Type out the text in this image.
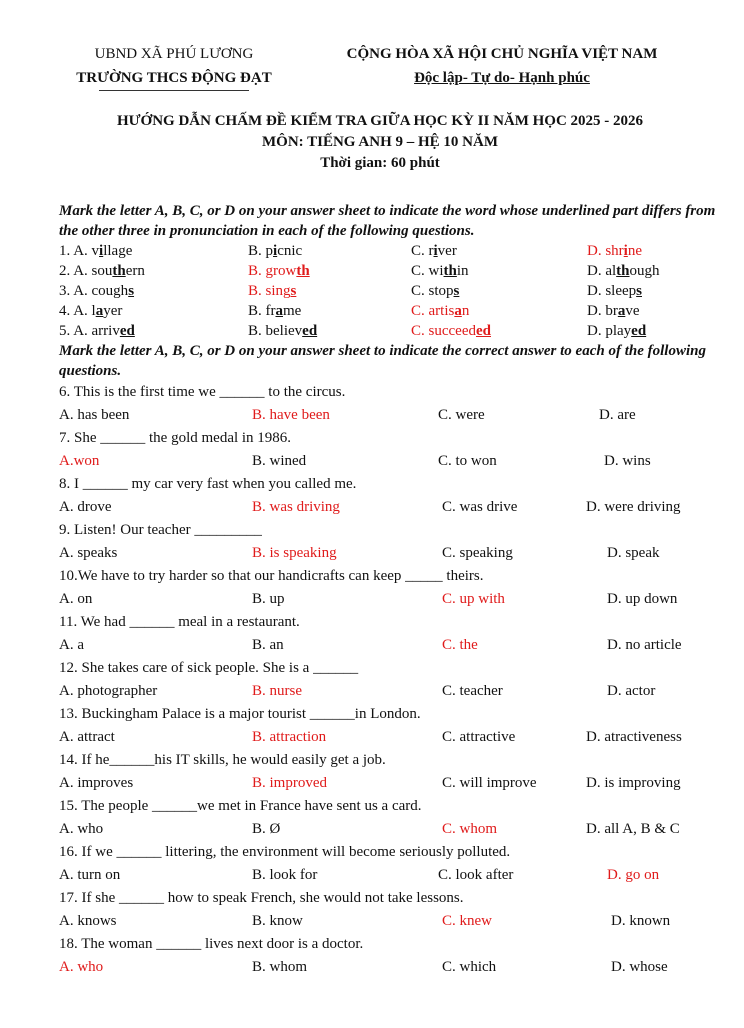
UBND XÃ PHÚ LƯƠNG
TRƯỜNG THCS ĐỘNG ĐẠT
CỘNG HÒA XÃ HỘI CHỦ NGHĨA VIỆT NAM
Độc lập- Tự do- Hạnh phúc
HƯỚNG DẪN CHẤM ĐỀ KIỂM TRA GIỮA HỌC KỲ II NĂM HỌC 2025 - 2026
MÔN: TIẾNG ANH 9 – HỆ 10 NĂM
Thời gian: 60 phút
Mark the letter A, B, C, or D on your answer sheet to indicate the word whose underlined part differs from the other three in pronunciation in each of the following questions.
1. A. village	B. picnic	C. river	D. shrine
2. A. southern	B. growth	C. within	D. although
3. A. coughs	B. sings	C. stops	D. sleeps
4. A. layer	B. frame	C. artisan	D. brave
5. A. arrived	B. believed	C. succeeded	D. played
Mark the letter A, B, C, or D on your answer sheet to indicate the correct answer to each of the following questions.
6. This is the first time we ______ to the circus.
A. has been	B. have been	C. were	D. are
7. She ______ the gold medal in 1986.
A.won	B. wined	C. to won	D. wins
8. I ______ my car very fast when you called me.
A. drove	B. was driving	C. was drive	D. were driving
9. Listen! Our teacher _________
A. speaks	B. is speaking	C. speaking	D. speak
10.We have to try harder so that our handicrafts can keep _____ theirs.
A. on	B. up	C. up with	D. up down
11. We had ______ meal in a restaurant.
A. a	B. an	C. the	D. no article
12. She takes care of sick people. She is a ______
A. photographer	B. nurse	C. teacher	D. actor
13. Buckingham Palace is a major tourist ______in London.
A. attract	B. attraction	C. attractive	D. atractiveness
14. If he______his IT skills, he would easily get a job.
A. improves	B. improved	C. will improve	D. is improving
15. The people ______we met in France have sent us a card.
A. who	B. Ø	C. whom	D. all A, B & C
16. If we ______ littering, the environment will become seriously polluted.
A. turn on	B. look for	C. look after	D. go on
17. If she ______ how to speak French, she would not take lessons.
A. knows	B. know	C. knew	D. known
18. The woman ______ lives next door is a doctor.
A. who	B. whom	C. which	D. whose
